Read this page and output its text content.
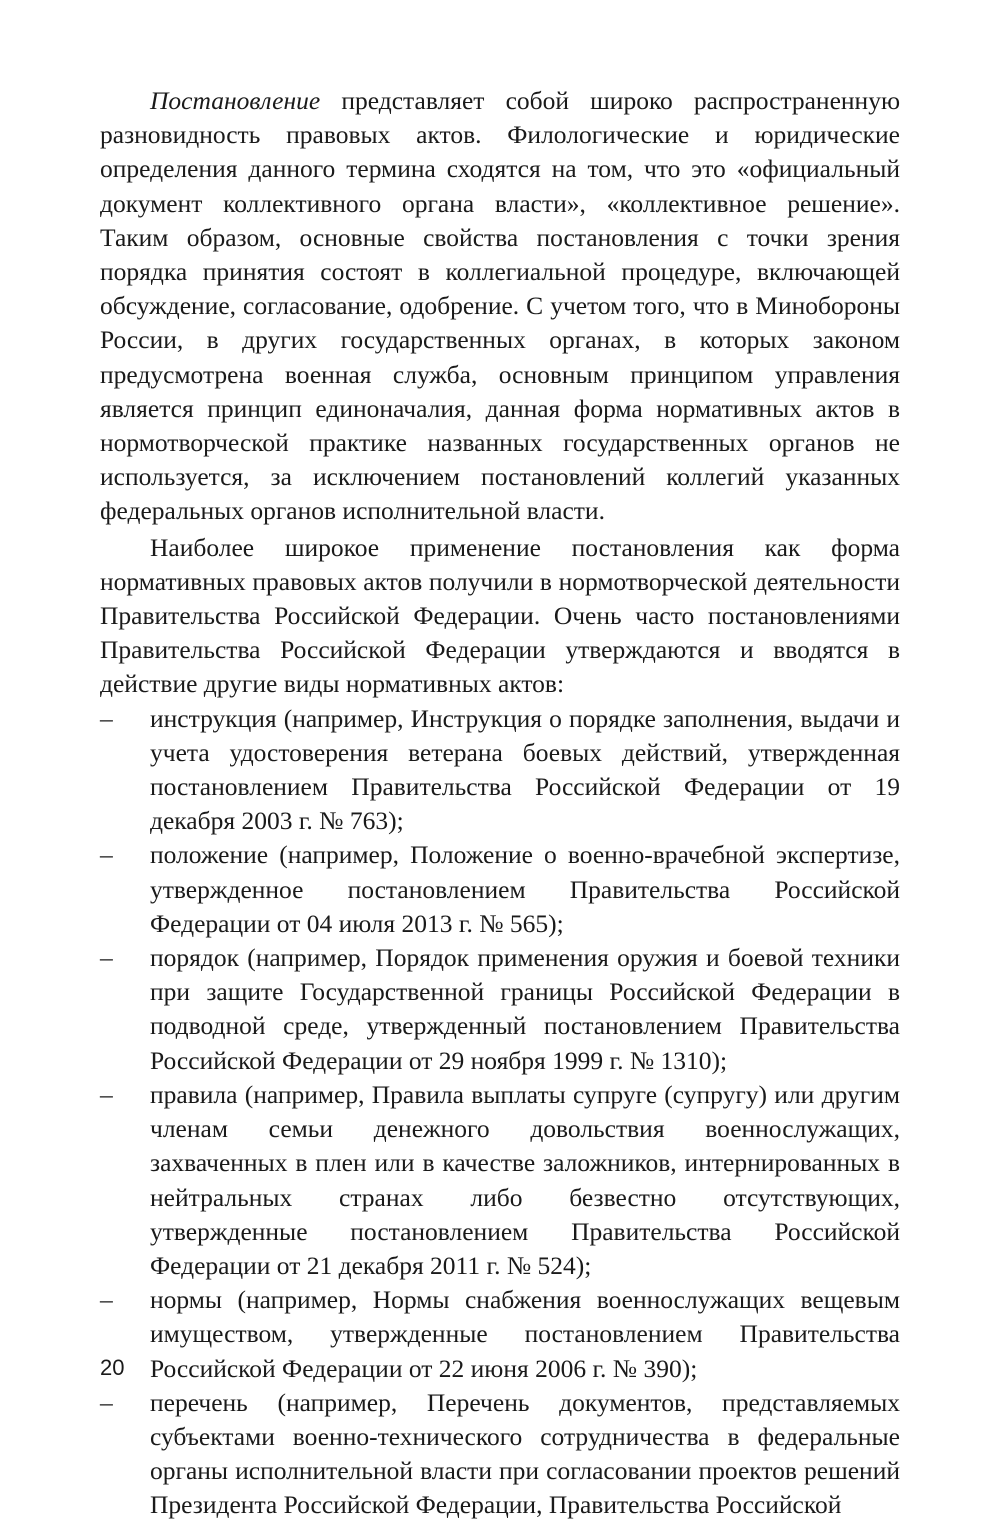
Постановление представляет собой широко распространенную разновидность правовых актов. Филологические и юридические определения данного термина сходятся на том, что это «официальный документ коллективного органа власти», «коллективное решение». Таким образом, основные свойства постановления с точки зрения порядка принятия состоят в коллегиальной процедуре, включающей обсуждение, согласование, одобрение. С учетом того, что в Минобороны России, в других государственных органах, в которых законом предусмотрена военная служба, основным принципом управления является принцип единоначалия, данная форма нормативных актов в нормотворческой практике названных государственных органов не используется, за исключением постановлений коллегий указанных федеральных органов исполнительной власти.

Наиболее широкое применение постановления как форма нормативных правовых актов получили в нормотворческой деятельности Правительства Российской Федерации. Очень часто постановлениями Правительства Российской Федерации утверждаются и вводятся в действие другие виды нормативных актов:

–	инструкция (например, Инструкция о порядке заполнения, выдачи и учета удостоверения ветерана боевых действий, утвержденная постановлением Правительства Российской Федерации от 19 декабря 2003 г. № 763);
–	положение (например, Положение о военно-врачебной экспертизе, утвержденное постановлением Правительства Российской Федерации от 04 июля 2013 г. № 565);
–	порядок (например, Порядок применения оружия и боевой техники при защите Государственной границы Российской Федерации в подводной среде, утвержденный постановлением Правительства Российской Федерации от 29 ноября 1999 г. № 1310);
–	правила (например, Правила выплаты супруге (супругу) или другим членам семьи денежного довольствия военнослужащих, захваченных в плен или в качестве заложников, интернированных в нейтральных странах либо безвестно отсутствующих, утвержденные постановлением Правительства Российской Федерации от 21 декабря 2011 г. № 524);
–	нормы (например, Нормы снабжения военнослужащих вещевым имуществом, утвержденные постановлением Правительства Российской Федерации от 22 июня 2006 г. № 390);
–	перечень (например, Перечень документов, представляемых субъектами военно-технического сотрудничества в федеральные органы исполнительной власти при согласовании проектов решений Президента Российской Федерации, Правительства Российской
20
